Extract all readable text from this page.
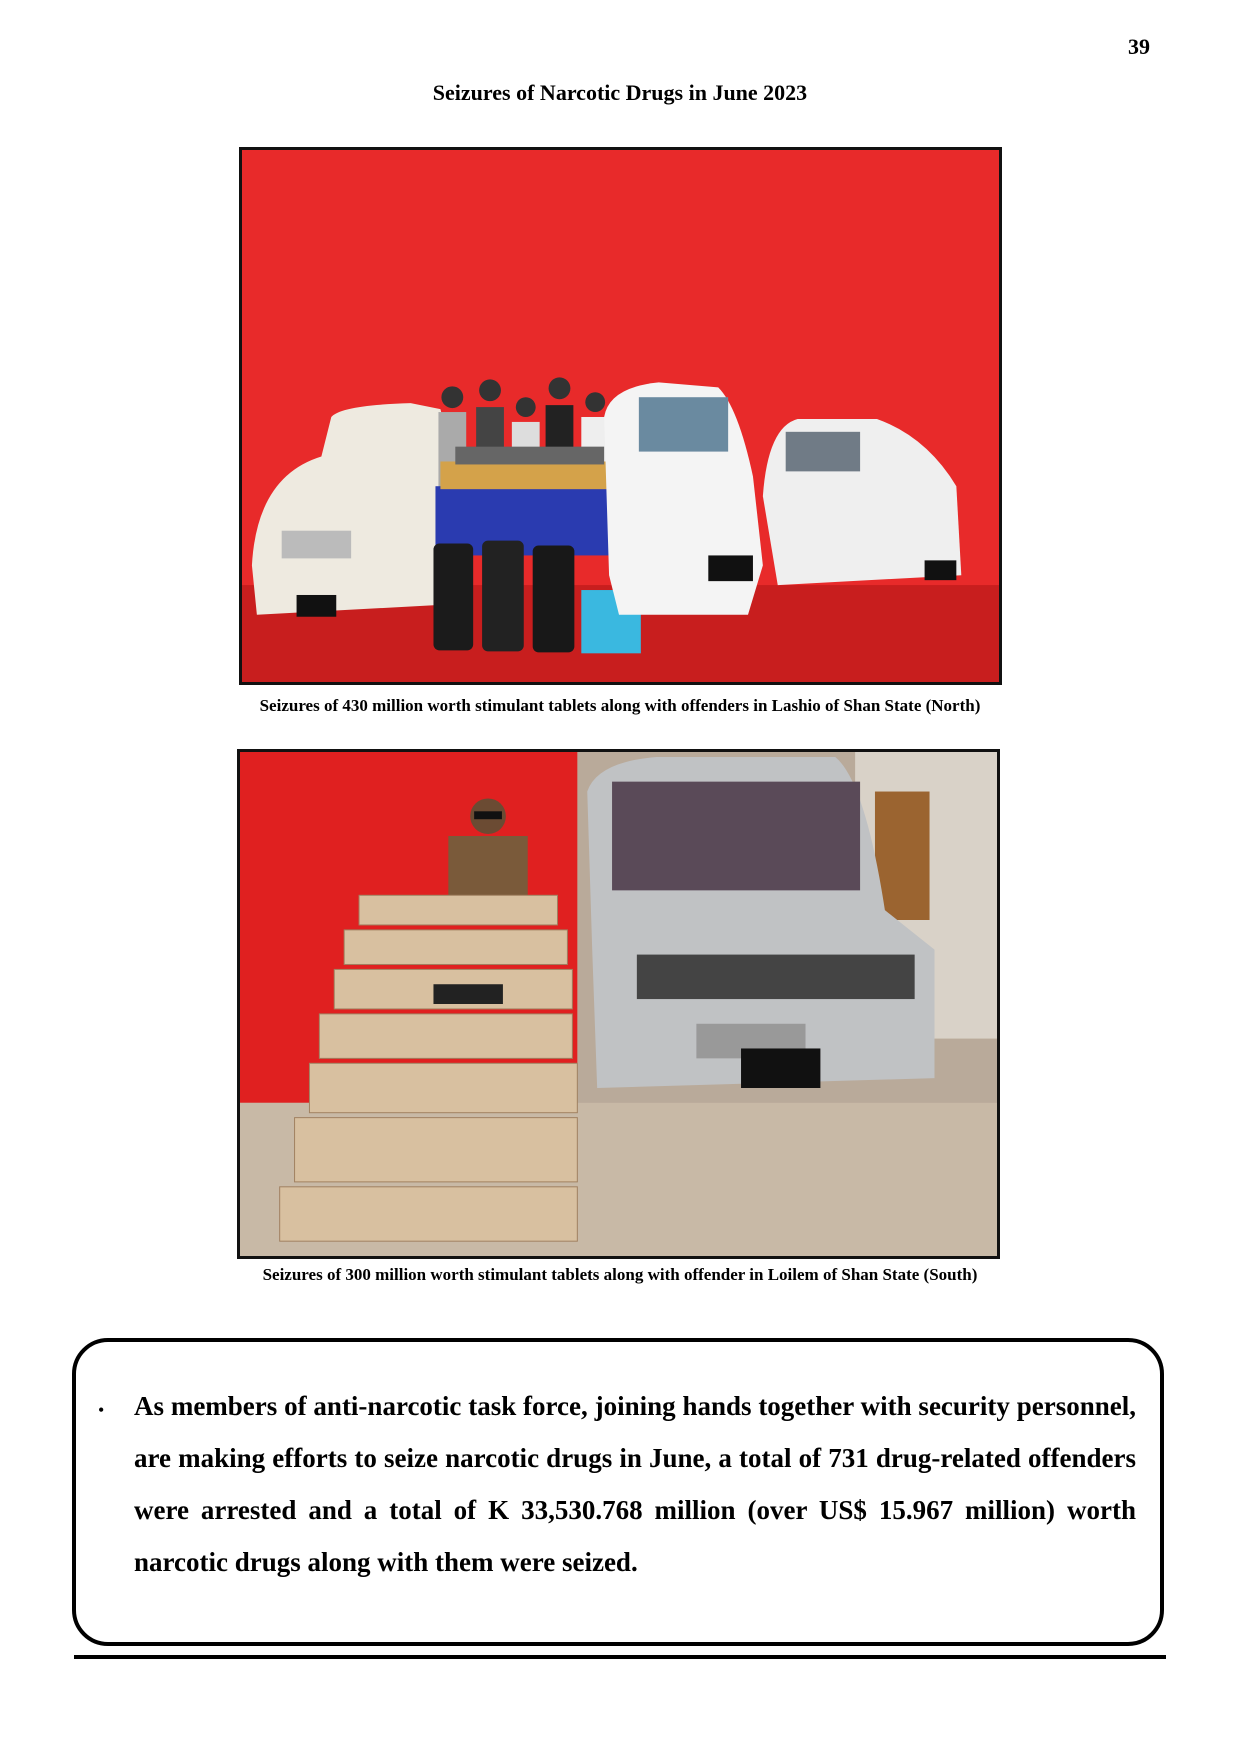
39
Seizures of Narcotic Drugs in June 2023
Seizures of 430 million worth stimulant tablets along with offenders in Lashio of Shan State (North)
Seizures of 300 million worth stimulant tablets along with offender in Loilem of Shan State (South)
• As members of anti-narcotic task force, joining hands together with security personnel, are making efforts to seize narcotic drugs in June, a total of 731 drug-related offenders were arrested and a total of K 33,530.768 million (over US$ 15.967 million) worth narcotic drugs along with them were seized.
